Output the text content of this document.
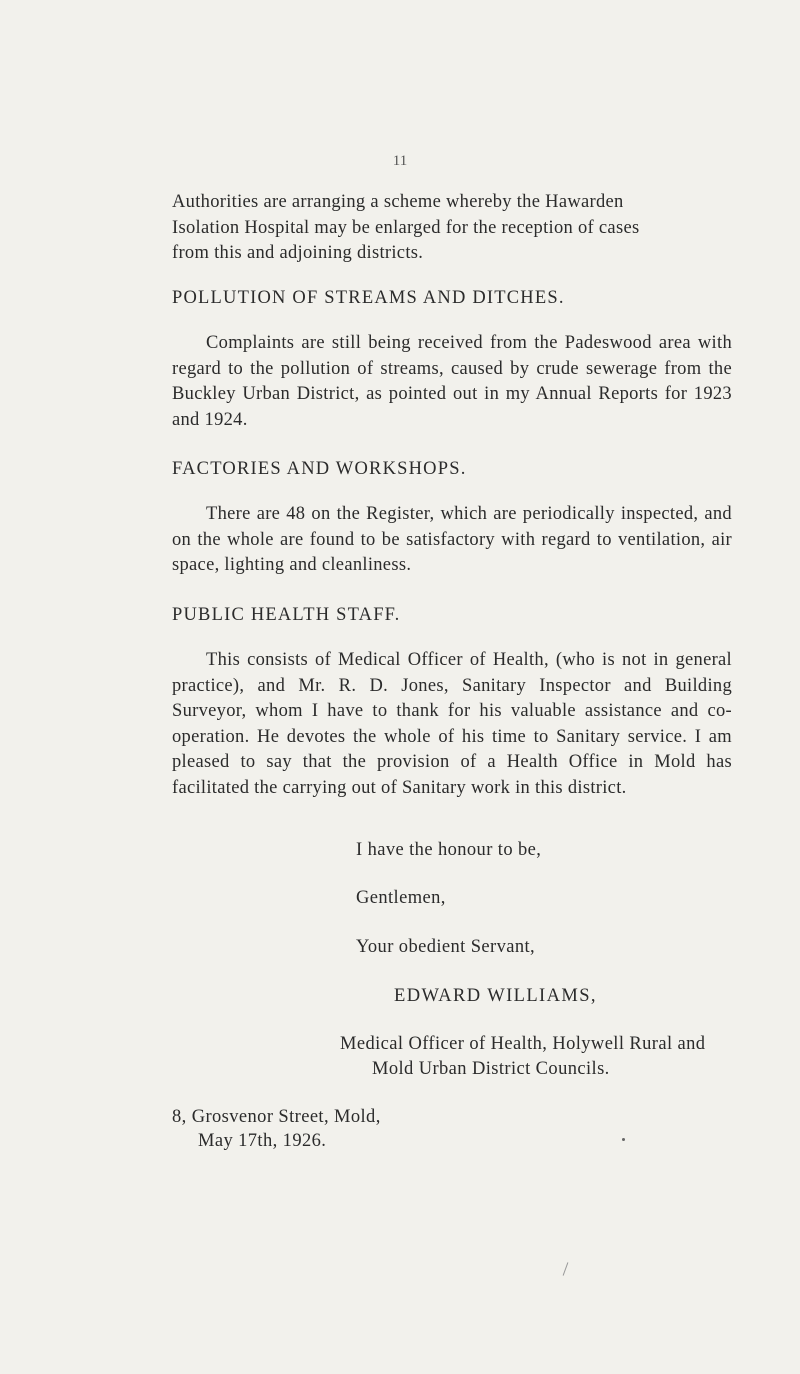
11

Authorities are arranging a scheme whereby the Hawarden
Isolation Hospital may be enlarged for the reception of cases
from this and adjoining districts.

POLLUTION OF STREAMS AND DITCHES.

Complaints are still being received from the Padeswood area with regard to the pollution of streams, caused by crude sewerage from the Buckley Urban District, as pointed out in my Annual Reports for 1923 and 1924.

FACTORIES AND WORKSHOPS.

There are 48 on the Register, which are periodically inspected, and on the whole are found to be satisfactory with regard to ventilation, air space, lighting and cleanliness.

PUBLIC HEALTH STAFF.

This consists of Medical Officer of Health, (who is not in general practice), and Mr. R. D. Jones, Sanitary Inspector and Building Surveyor, whom I have to thank for his valuable assistance and co-operation. He devotes the whole of his time to Sanitary service. I am pleased to say that the provision of a Health Office in Mold has facilitated the carrying out of Sanitary work in this district.

I have the honour to be,

Gentlemen,

Your obedient Servant,

EDWARD WILLIAMS,

Medical Officer of Health, Holywell Rural and

Mold Urban District Councils.

8, Grosvenor Street, Mold,

May 17th, 1926.
